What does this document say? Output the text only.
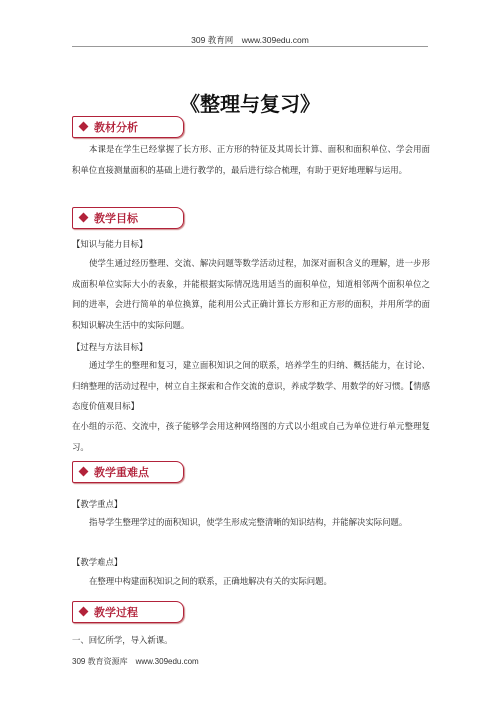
309 教育网　www.309edu.com
《整理与复习》
教材分析
本课是在学生已经掌握了长方形、正方形的特征及其周长计算、面积和面积单位、学会用面积单位直接测量面积的基础上进行教学的，最后进行综合梳理，有助于更好地理解与运用。
教学目标
【知识与能力目标】
使学生通过经历整理、交流、解决问题等数学活动过程，加深对面积含义的理解，进一步形成面积单位实际大小的表象，并能根据实际情况选用适当的面积单位，知道相邻两个面积单位之间的进率，会进行简单的单位换算，能利用公式正确计算长方形和正方形的面积，并用所学的面积知识解决生活中的实际问题。
【过程与方法目标】
通过学生的整理和复习，建立面积知识之间的联系，培养学生的归纳、概括能力，在讨论、归纳整理的活动过程中，树立自主探索和合作交流的意识，养成学数学、用数学的好习惯。【情感态度价值观目标】
在小组的示范、交流中，孩子能够学会用这种网络图的方式以小组或自己为单位进行单元整理复习。
教学重难点
【教学重点】
指导学生整理学过的面积知识，使学生形成完整清晰的知识结构，并能解决实际问题。
【教学难点】
在整理中构建面积知识之间的联系，正确地解决有关的实际问题。
教学过程
一、回忆所学，导入新课。
309 教育资源库　www.309edu.com
